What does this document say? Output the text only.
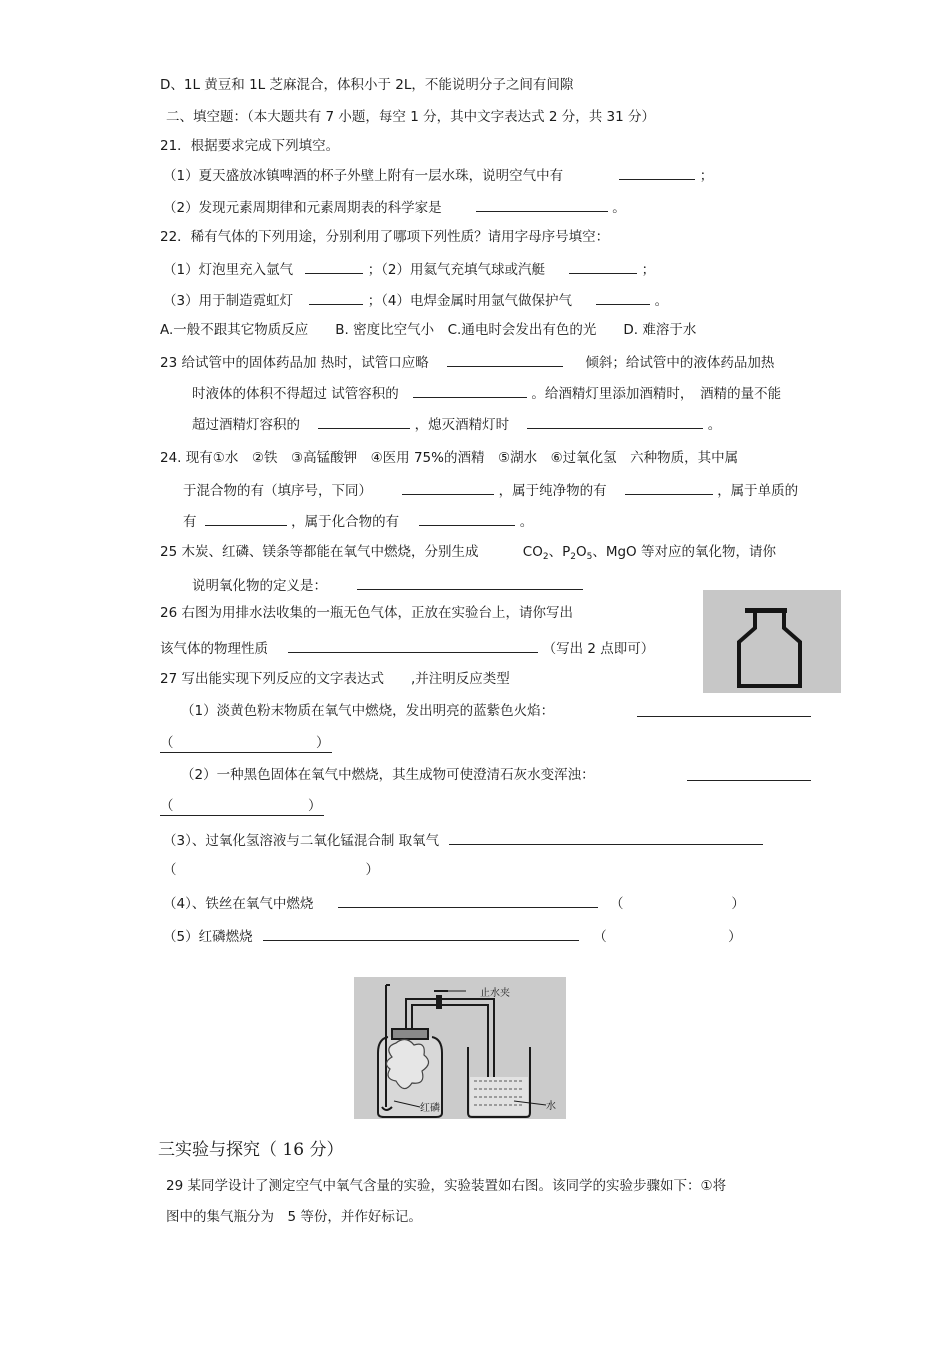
D、1L 黄豆和 1L 芝麻混合，体积小于 2L，不能说明分子之间有间隙
二、填空题：（本大题共有 7 小题，每空 1 分，其中文字表达式 2 分，共 31 分）
21．根据要求完成下列填空。
（1）夏天盛放冰镇啤酒的杯子外壁上附有一层水珠，说明空气中有	；
（2）发现元素周期律和元素周期表的科学家是	。
22．稀有气体的下列用途，分别利用了哪项下列性质？请用字母序号填空：
（1）灯泡里充入氩气	；（2）用氦气充填气球或汽艇	；
（3）用于制造霓虹灯	；（4）电焊金属时用氩气做保护气	。
A.一般不跟其它物质反应　　B. 密度比空气小　C.通电时会发出有色的光　　D. 难溶于水
23 给试管中的固体药品加 热时，试管口应略	倾斜；给试管中的液体药品加热
时液体的体积不得超过 试管容积的	。给酒精灯里添加酒精时，　酒精的量不能
超过酒精灯容积的	，熄灭酒精灯时	。
24. 现有①水　②铁　③高锰酸钾　④医用 75%的酒精　⑤湖水　⑥过氧化氢　六种物质，其中属
于混合物的有（填序号，下同）	，属于纯净物的有	，属于单质的
有	，属于化合物的有	。
25 木炭、红磷、镁条等都能在氧气中燃烧，分别生成	$CO_2$、$P_2O_5$、MgO 等对应的氧化物，请你
说明氧化物的定义是：
26 右图为用排水法收集的一瓶无色气体，正放在实验台上，请你写出
该气体的物理性质	（写出 2 点即可）
27 写出能实现下列反应的文字表达式　　,并注明反应类型
（1）淡黄色粉末物质在氧气中燃烧，发出明亮的蓝紫色火焰：
（	）
（2）一种黑色固体在氧气中燃烧，其生成物可使澄清石灰水变浑浊：
（	）
（3）、过氧化氢溶液与二氧化锰混合制 取氧气
（　　　　　　　　　　　　　　）
（4）、铁丝在氧气中燃烧	（　　　　　　　　）
（5）红磷燃烧	（　　　　　　　　　）
止水夹
红磷	水
三实验与探究（ 16 分）
29 某同学设计了测定空气中氧气含量的实验，实验装置如右图。该同学的实验步骤如下：①将
图中的集气瓶分为　5 等份，并作好标记。
